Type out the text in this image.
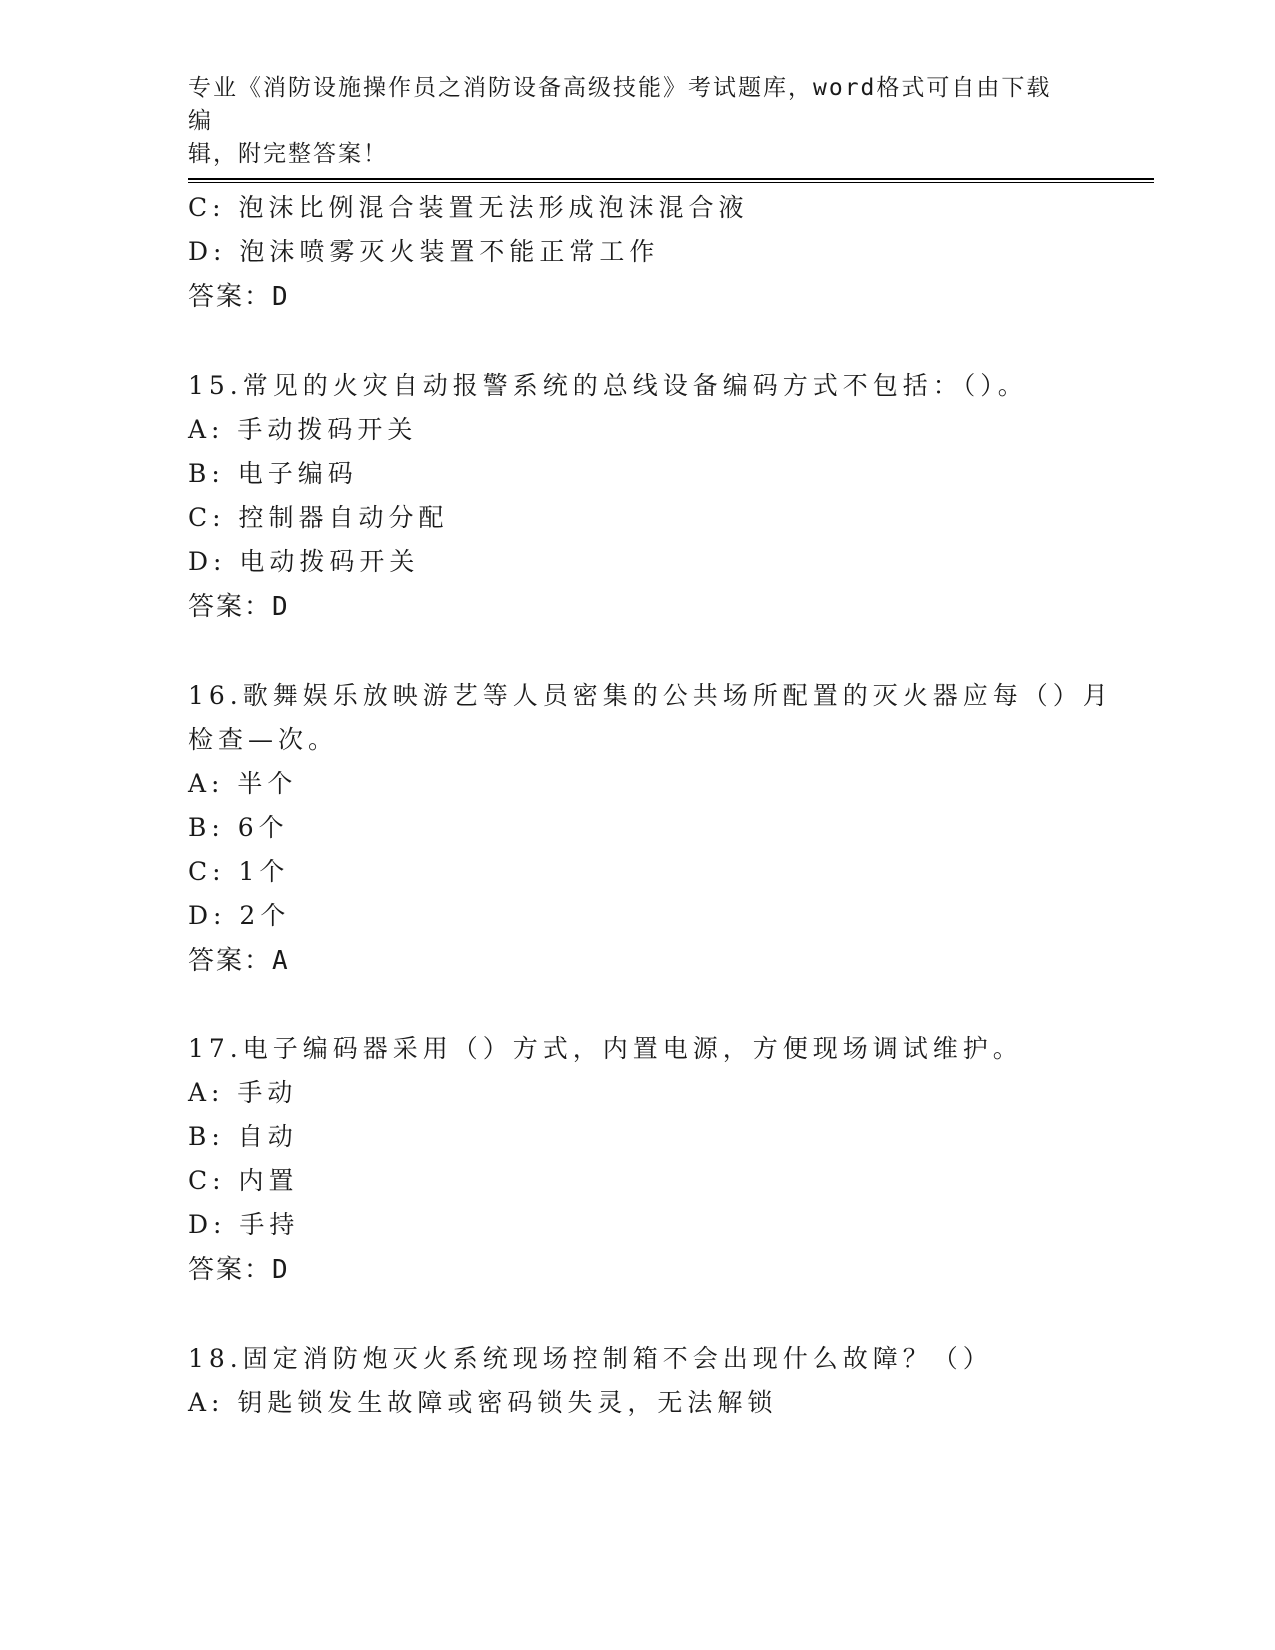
专业《消防设施操作员之消防设备高级技能》考试题库，word格式可自由下载编
辑，附完整答案！
C: 泡沫比例混合装置无法形成泡沫混合液
D: 泡沫喷雾灭火装置不能正常工作
答案：D
15.常见的火灾自动报警系统的总线设备编码方式不包括：（）。
A: 手动拨码开关
B: 电子编码
C: 控制器自动分配
D: 电动拨码开关
答案：D
16.歌舞娱乐放映游艺等人员密集的公共场所配置的灭火器应每（）月
检查—次。
A: 半个
B: 6个
C: 1个
D: 2个
答案：A
17.电子编码器采用（）方式，内置电源，方便现场调试维护。
A: 手动
B: 自动
C: 内置
D: 手持
答案：D
18.固定消防炮灭火系统现场控制箱不会出现什么故障？（）
A: 钥匙锁发生故障或密码锁失灵，无法解锁
